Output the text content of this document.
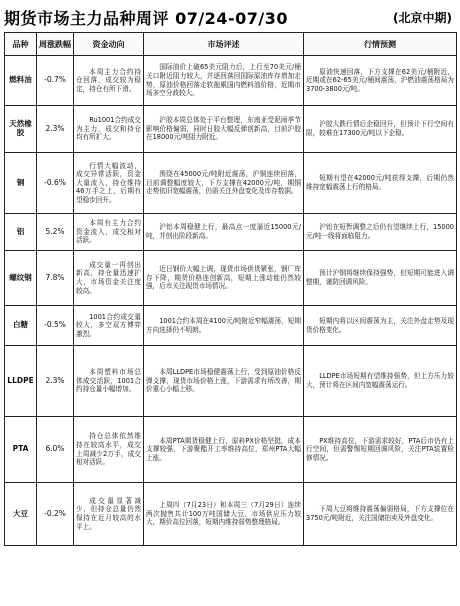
期货市场主力品种周评 07/24-07/30	(北京中期)
品种	周涨跌幅	资金动向	市场评述	行情预测
燃料油	-0.7%	本周主力合约持仓回落，成交较为稳定，持仓有所下滑。	国际油价上破65美元阻力后，上行至70美元/桶关口附近阻力较大，并逐回落回国际原油库存增加走势，原油价格回落走软拖累国内燃料油价格，近期市场多空分歧较大。	原油快速回落，下方支撑在62美元/桶附近，近期或在62-65美元/桶间震荡，沪燃油震荡格局为3700-3800元/吨。

天然橡胶	2.3%	Ru1001合约成交为主力，成交和持仓均有所扩大。	沪胶本周总体处于平台整理，东南亚受泥雨季节影响价格偏弱，同时日胶大幅反弹创新高，目前沪胶在18000元/吨阻力附近。	沪胶大跌行情后企稳回升，但预计下行空间有限，较难在17300元/吨以下企稳。

铜	-0.6%	行情大幅波动，成交异常活跃，资金大量流入，持仓维持46万手之上，后期有望稳步回升。	围绕在45000元/吨附近震荡，沪铜连续回落，目前调整幅度较大，下方支撑在42000元/吨，期铜走势依旧宽幅震荡，仍需关注外盘变化及库存数据。	短期有望在42000元/吨获得支撑，后期仍然维持宽幅震荡上行的格局。

铝	5.2%	本周有主力合约资金流入，成交相对活跃。	沪铝本周稳健上行，最高点一度逼近15000元/吨，并创出阶段新高。	沪铝在短暂调整之后仍有望继续上行，15000元/吨一线将面临阻力。

螺纹钢	7.8%	成交量一再创出新高，持仓量迅速扩大，市场资金关注度较高。	近日钢价大幅上调，现货市场供货紧张，钢厂库存下降，期货价格连创新高，短期上涨动能仍然较强，后市关注现货市场情况。	预计沪钢将继续保持强势，但短期可能进入调整期，谨防回调风险。

白糖	-0.5%	1001合约成交量较大，多空双方博弈激烈。	1001合约本周在4100元/吨附近窄幅震荡，短期方向选择仍不明朗。	短期内将以区间震荡为主，关注外盘走势及现货价格变化。

LLDPE	2.3%	本周塑料市场总体成交活跃，1001合约持仓量小幅增加。	本周LLDPE市场稳健震荡上行，受到原油价格反弹支撑，现货市场价格上涨，下游需求有所改善，期价重心小幅上移。	LLDPE市场短期有望维持强势，但上方压力较大，预计将在区间内宽幅震荡运行。

PTA	6.0%	持仓总体依然维持在较高水平，成交上周减少2万手，成交相对活跃。	本周PTA期货稳健上行，原料PX价格坚挺，成本支撑较强，下游聚酯开工率维持高位，郑州PTA大幅上涨。	PX维持高位，下游需求较好，PTA后市仍有上行空间，但需警惕短期回调风险，关注PTA装置检修情况。

大豆	-0.2%	成交量显著减少，但持仓总量仍然保持在近月较高的水平上。	上周四（7月23日）和本周三（7月29日）连续两次抛售共计100万吨国储大豆，市场供应压力较大，期价高位回落，短期内维持弱势整理格局。	下周大豆将维持震荡偏弱格局，下方支撑位在3750元/吨附近，关注国储拍卖及外盘变化。
